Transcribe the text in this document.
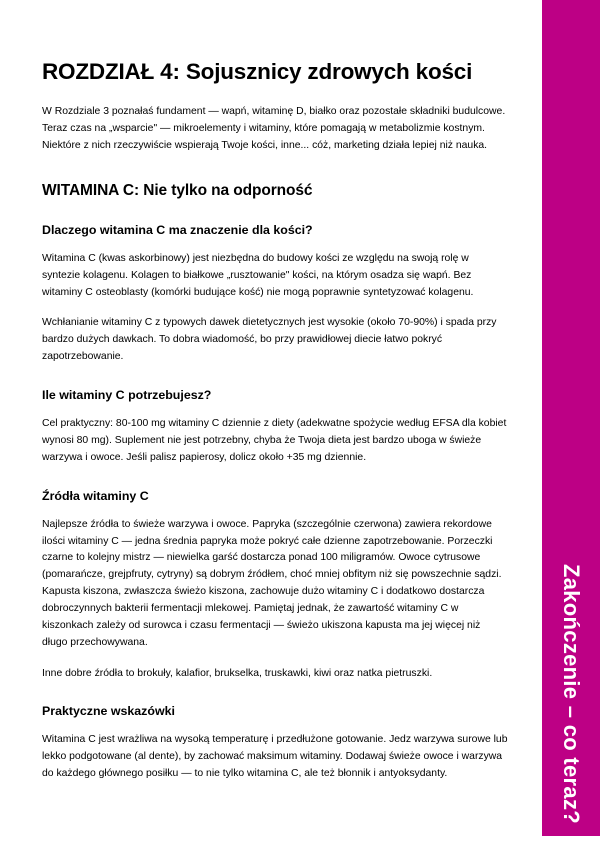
Zakończenie – co teraz?
ROZDZIAŁ 4: Sojusznicy zdrowych kości

W Rozdziale 3 poznałaś fundament — wapń, witaminę D, białko oraz pozostałe składniki budulcowe. Teraz czas na „wsparcie" — mikroelementy i witaminy, które pomagają w metabolizmie kostnym. Niektóre z nich rzeczywiście wspierają Twoje kości, inne... cóż, marketing działa lepiej niż nauka.

WITAMINA C: Nie tylko na odporność
Dlaczego witamina C ma znaczenie dla kości?

Witamina C (kwas askorbinowy) jest niezbędna do budowy kości ze względu na swoją rolę w syntezie kolagenu. Kolagen to białkowe „rusztowanie" kości, na którym osadza się wapń. Bez witaminy C osteoblasty (komórki budujące kość) nie mogą poprawnie syntetyzować kolagenu.

Wchłanianie witaminy C z typowych dawek dietetycznych jest wysokie (około 70-90%) i spada przy bardzo dużych dawkach. To dobra wiadomość, bo przy prawidłowej diecie łatwo pokryć zapotrzebowanie.

Ile witaminy C potrzebujesz?

Cel praktyczny: 80-100 mg witaminy C dziennie z diety (adekwatne spożycie według EFSA dla kobiet wynosi 80 mg). Suplement nie jest potrzebny, chyba że Twoja dieta jest bardzo uboga w świeże warzywa i owoce. Jeśli palisz papierosy, dolicz około +35 mg dziennie.

Źródła witaminy C

Najlepsze źródła to świeże warzywa i owoce. Papryka (szczególnie czerwona) zawiera rekordowe ilości witaminy C — jedna średnia papryka może pokryć całe dzienne zapotrzebowanie. Porzeczki czarne to kolejny mistrz — niewielka garść dostarcza ponad 100 miligramów. Owoce cytrusowe (pomarańcze, grejpfruty, cytryny) są dobrym źródłem, choć mniej obfitym niż się powszechnie sądzi. Kapusta kiszona, zwłaszcza świeżo kiszona, zachowuje dużo witaminy C i dodatkowo dostarcza dobroczynnych bakterii fermentacji mlekowej. Pamiętaj jednak, że zawartość witaminy C w kiszonkach zależy od surowca i czasu fermentacji — świeżo ukiszona kapusta ma jej więcej niż długo przechowywana.

Inne dobre źródła to brokuły, kalafior, brukselka, truskawki, kiwi oraz natka pietruszki.

Praktyczne wskazówki

Witamina C jest wrażliwa na wysoką temperaturę i przedłużone gotowanie. Jedz warzywa surowe lub lekko podgotowane (al dente), by zachować maksimum witaminy. Dodawaj świeże owoce i warzywa do każdego głównego posiłku — to nie tylko witamina C, ale też błonnik i antyoksydanty.
